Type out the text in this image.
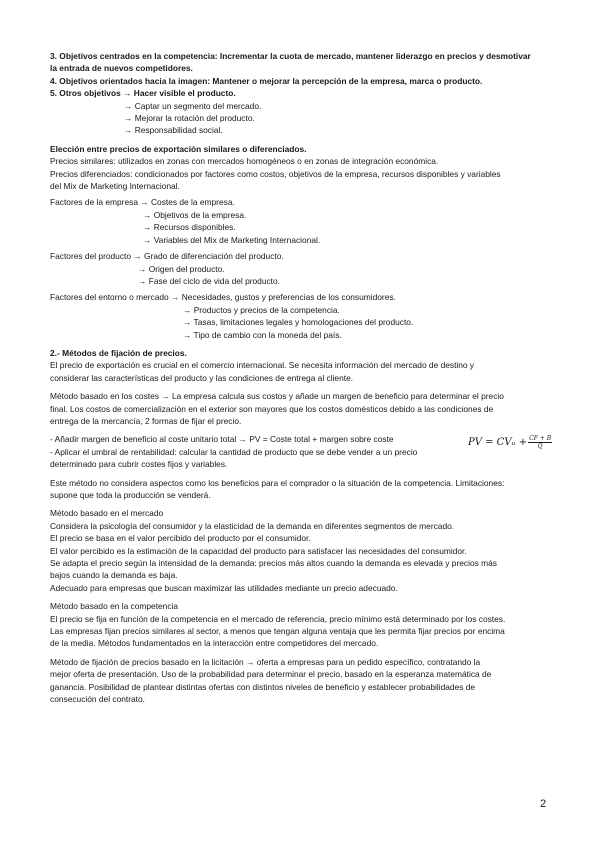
3. Objetivos centrados en la competencia: Incrementar la cuota de mercado, mantener liderazgo en precios y desmotivar

la entrada de nuevos competidores.

4. Objetivos orientados hacia la imagen: Mantener o mejorar la percepción de la empresa, marca o producto.

5. Otros objetivos → Hacer visible el producto.

→ Captar un segmento del mercado.

→ Mejorar la rotación del producto.

→ Responsabilidad social.

Elección entre precios de exportación similares o diferenciados.

Precios similares: utilizados en zonas con mercados homogéneos o en zonas de integración económica.

Precios diferenciados: condicionados por factores como costos, objetivos de la empresa, recursos disponibles y variables

del Mix de Marketing Internacional.

Factores de la empresa → Costes de la empresa.

→ Objetivos de la empresa.

→ Recursos disponibles.

→ Variables del Mix de Marketing Internacional.

Factores del producto → Grado de diferenciación del producto.

→ Origen del producto.

→ Fase del ciclo de vida del producto.

Factores del entorno o mercado → Necesidades, gustos y preferencias de los consumidores.

→ Productos y precios de la competencia.

→ Tasas, limitaciones legales y homologaciones del producto.

→ Tipo de cambio con la moneda del país.

2.- Métodos de fijación de precios.

El precio de exportación es crucial en el comercio internacional. Se necesita información del mercado de destino y

considerar las características del producto y las condiciones de entrega al cliente.

Método basado en los costes → La empresa calcula sus costos y añade un margen de beneficio para determinar el precio

final. Los costos de comercialización en el exterior son mayores que los costos domésticos debido a las condiciones de

entrega de la mercancía, 2 formas de fijar el precio.

- Añadir margen de beneficio al coste unitario total → PV = Coste total + margen sobre coste

- Aplicar el umbral de rentabilidad: calcular la cantidad de producto que se debe vender a un precio

determinado para cubrir costes fijos y variables.

PV = CVᵤ + $\frac{CF + B}{Q}$

Este método no considera aspectos como los beneficios para el comprador o la situación de la competencia. Limitaciones:

supone que toda la producción se venderá.

Método basado en el mercado

Considera la psicología del consumidor y la elasticidad de la demanda en diferentes segmentos de mercado.

El precio se basa en el valor percibido del producto por el consumidor.

El valor percibido es la estimación de la capacidad del producto para satisfacer las necesidades del consumidor.

Se adapta el precio según la intensidad de la demanda: precios más altos cuando la demanda es elevada y precios más

bajos cuando la demanda es baja.

Adecuado para empresas que buscan maximizar las utilidades mediante un precio adecuado.

Método basado en la competencia

El precio se fija en función de la competencia en el mercado de referencia, precio mínimo está determinado por los costes.

Las empresas fijan precios similares al sector, a menos que tengan alguna ventaja que les permita fijar precios por encima

de la media. Métodos fundamentados en la interacción entre competidores del mercado.

Método de fijación de precios basado en la licitación → oferta a empresas para un pedido específico, contratando la

mejor oferta de presentación. Uso de la probabilidad para determinar el precio, basado en la esperanza matemática de

ganancia. Posibilidad de plantear distintas ofertas con distintos niveles de beneficio y establecer probabilidades de

consecución del contrato.

2
